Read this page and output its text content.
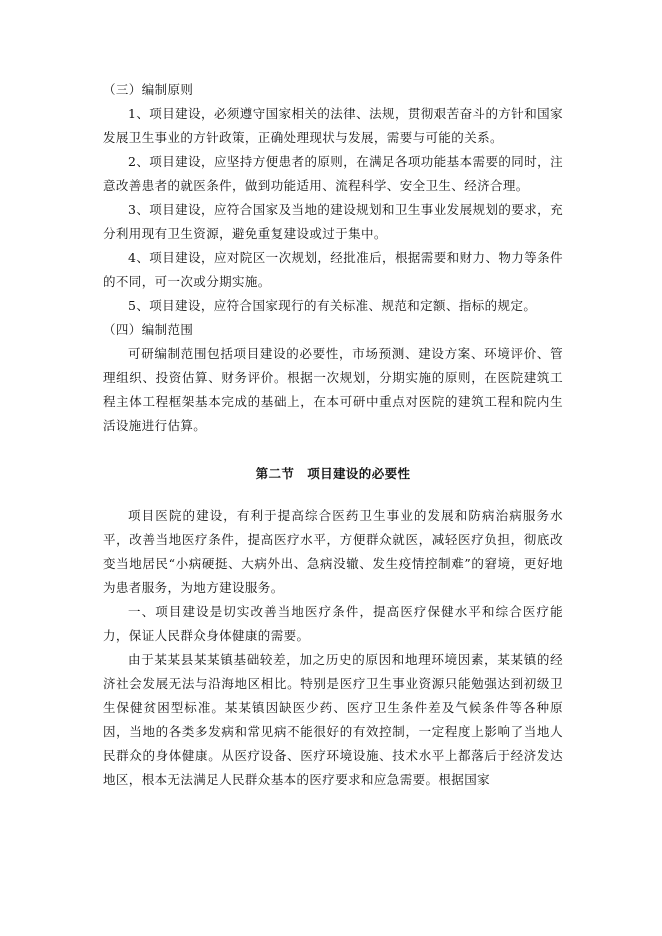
（三）编制原则

1、项目建设，必须遵守国家相关的法律、法规，贯彻艰苦奋斗的方针和国家发展卫生事业的方针政策，正确处理现状与发展，需要与可能的关系。

2、项目建设，应坚持方便患者的原则，在满足各项功能基本需要的同时，注意改善患者的就医条件，做到功能适用、流程科学、安全卫生、经济合理。

3、项目建设，应符合国家及当地的建设规划和卫生事业发展规划的要求，充分利用现有卫生资源，避免重复建设或过于集中。

4、项目建设，应对院区一次规划，经批准后，根据需要和财力、物力等条件的不同，可一次或分期实施。

5、项目建设，应符合国家现行的有关标准、规范和定额、指标的规定。

（四）编制范围

可研编制范围包括项目建设的必要性，市场预测、建设方案、环境评价、管理组织、投资估算、财务评价。根据一次规划，分期实施的原则，在医院建筑工程主体工程框架基本完成的基础上，在本可研中重点对医院的建筑工程和院内生活设施进行估算。

第二节　项目建设的必要性

项目医院的建设，有利于提高综合医药卫生事业的发展和防病治病服务水平，改善当地医疗条件，提高医疗水平，方便群众就医，减轻医疗负担，彻底改变当地居民“小病硬挺、大病外出、急病没辙、发生疫情控制难”的窘境，更好地为患者服务，为地方建设服务。

一、项目建设是切实改善当地医疗条件，提高医疗保健水平和综合医疗能力，保证人民群众身体健康的需要。

由于某某县某某镇基础较差，加之历史的原因和地理环境因素，某某镇的经济社会发展无法与沿海地区相比。特别是医疗卫生事业资源只能勉强达到初级卫生保健贫困型标准。某某镇因缺医少药、医疗卫生条件差及气候条件等各种原因，当地的各类多发病和常见病不能很好的有效控制，一定程度上影响了当地人民群众的身体健康。从医疗设备、医疗环境设施、技术水平上都落后于经济发达地区，根本无法满足人民群众基本的医疗要求和应急需要。根据国家
